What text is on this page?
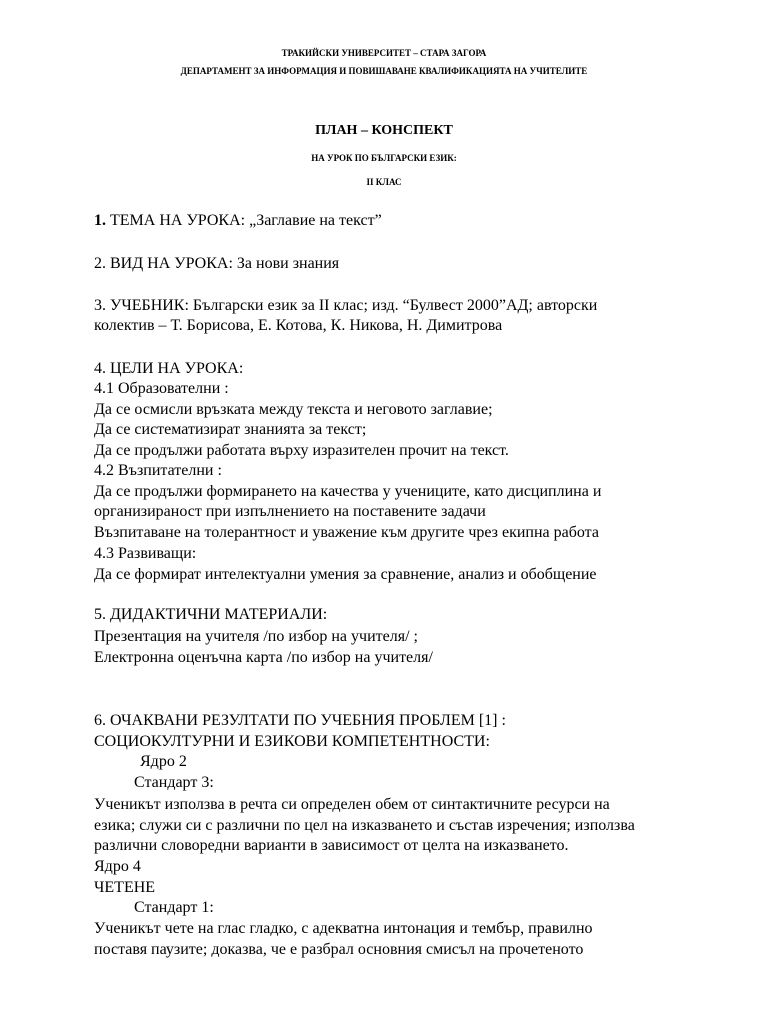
ТРАКИЙСКИ УНИВЕРСИТЕТ – СТАРА ЗАГОРА
ДЕПАРТАМЕНТ ЗА ИНФОРМАЦИЯ И ПОВИШАВАНЕ КВАЛИФИКАЦИЯТА НА УЧИТЕЛИТЕ
ПЛАН – КОНСПЕКТ
НА УРОК ПО БЪЛГАРСКИ ЕЗИК:
II КЛАС
1. ТЕМА НА УРОКА: „Заглавие на текст”
2. ВИД НА УРОКА: За нови знания
3. УЧЕБНИК: Български език за II клас; изд. “Булвест 2000”АД; авторски
колектив – Т. Борисова, Е. Котова, К. Никова, Н. Димитрова
4. ЦЕЛИ НА УРОКА:
4.1 Образователни :
Да се осмисли връзката между текста и неговото заглавие;
Да се систематизират знанията за текст;
Да се продължи работата върху изразителен прочит на текст.
4.2 Възпитателни :
Да се продължи формирането на качества у учениците, като дисциплина и
организираност при изпълнението на поставените задачи
Възпитаване на толерантност и уважение към другите чрез екипна работа
4.3 Развиващи:
Да се формират интелектуални умения за сравнение, анализ и обобщение
5. ДИДАКТИЧНИ МАТЕРИАЛИ:
Презентация на учителя /по избор на учителя/ ;
Електронна оценъчна карта /по избор на учителя/
6. ОЧАКВАНИ РЕЗУЛТАТИ ПО УЧЕБНИЯ ПРОБЛЕМ [1] :
СОЦИОКУЛТУРНИ И ЕЗИКОВИ КОМПЕТЕНТНОСТИ:
Ядро 2
Стандарт 3:
Ученикът използва в речта си определен обем от синтактичните ресурси на
езика; служи си с различни по цел на изказването и състав изречения; използва
различни словоредни варианти в зависимост от целта на изказването.
Ядро 4
ЧЕТЕНЕ
Стандарт 1:
Ученикът чете на глас гладко, с адекватна интонация и тембър, правилно
поставя паузите; доказва, че е разбрал основния смисъл на прочетеното
